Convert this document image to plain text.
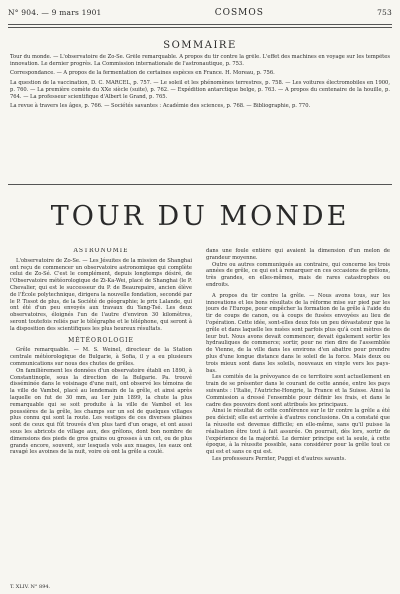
N° 904. — 9 mars 1901	COSMOS	753
SOMMAIRE

Tour du monde. — L'observatoire de Zo-Se. Grêle remarquable. A propos du tir contre la grêle. L'effet des machines en voyage sur les tempêtes innovation. Le dernier progrès. La Commission internationale de l'astronautique, p. 753.

Correspondance. — A propos de la fermentation de certaines espèces en France. H. Moreau, p. 756.

La question de la vaccination, D. C. MARCEL, p. 757. — Le soleil et les phénomènes terrestres, p. 758. — Les voitures électromobiles en 1900, p. 760. — La première comète du XXe siècle (suite), p. 762. — Expédition antarctique belge, p. 763. — A propos du centenaire de la houille, p. 764. — La professeur scientifique d'Albert le Grand, p. 765.

La revue à travers les âges, p. 766. — Sociétés savantes : Académie des sciences, p. 768. — Bibliographie, p. 770.

TOUR DU MONDE
ASTRONOMIE

L'observatoire de Zo-Se. — Les Jésuites de la mission de Shanghai ont reçu de commencer un observatoire astronomique qui complète celui de Zo-Sé. C'est le complément, depuis longtemps désiré, de l'Observatoire météorologique de Zi-Ka-Wei, placé de Shanghai (le P. Chevalier, qui est le successeur du P. de Beaurepaire, ancien élève de l'École polytechnique, dirigera la nouvelle fondation, secondé par le P. Tissot de plus, de la Société de géographie; le prix Lalande, qui ont été d'un peu envoyés aux travaux du Yang-Tsé. Les deux observatoires, éloignés l'un de l'autre d'environ 30 kilomètres, seront toutefois reliés par le télégraphe et le téléphone, qui seront à la disposition des scientifiques les plus heureux résultats.

MÉTÉOROLOGIE

Grêle remarquable. — M. S. Weinel, directeur de la Station centrale météorologique de Bulgarie, à Sofia, il y a eu plusieurs communications sur nous des chutes de grêles.

On familièrement les données d'un observatoire établi en 1890, à Constantinople, sous la direction de la Bulgarie. Pa. trouvé disséminée dans le voisinage d'une nuit, ont observé les témoins de la ville de Vambol, placé au lendemain de la grêle, et ainsi après laquelle on fut de 30 mm, au 1er juin 1899, la chute la plus remarquable qui se soit produite à la ville de Vambol et les poussières de la grêle, les champs sur un sol de quelques villages plus connu qui sont la route. Les vestiges de ces diverses plaines sont de ceux qui fût trouvés d'en plus tard d'un orage, et ont aussi sous les abricots de village aux, des grêlons, dont bon nombre de dimensions des pieds de gros grains ou grosses à un cet, ou de plus grands encore, souvent, sur lesquels vols aux nuages, les eaux ont ravagé les avoines de la nuit, voire où ont la grêle a coulé.

dans une foule entière qui avaient la dimension d'un melon de grandeur moyenne.

Outre ou autres communiqués au contraire, qui concerne les trois années de grêle, ce qui est à remarquer en ces occasions de grêlons, très grandes, en elles-mêmes, mais de rares catastrophes ou endroits.

A propos du tir contre la grêle. — Nous avons tous, sur les innovations et les bons résultats de la réforme mise sur pied par les jours de l'Europe, pour empêcher la formation de la grêle à l'aide du tir de coups de canon, ou à coups de fusées envoyées au lieu de l'opération. Cette idée, sont-elles deux fois un peu dévastateur que la grêle et dans laquelle les nuées sont parfois plus qu'à cent mètres de leur but. Nous avons devait commencer, devait également sortir les hydrauliques de commerce; sortir, pour ne rien dire de l'assemblée de Vienne, de la ville dans les environs d'en abattre pour prendre plus d'une longue distance dans le soleil de la force. Mais deux ou trois mieux sont dans les soleils, nouveaux en vinyle vers les pays-bas.

Les comités de la prévoyance de ce territoire sont actuellement en train de se présenter dans le courant de cette année, entre les pays suivants : l'Italie, l'Autriche-Hongrie, la France et la Suisse. Ainsi la Commission a dressé l'ensemble pour définir les frais, et dans le cadre des pouvoirs dont sont attribués les principaux.

Ainsi le résultat de cette conférence sur le tir contre la grêle a été peu décisif; elle est arrivée à d'autres conclusions. On a constaté que la réussite est devenue difficile; en elle-même, sans qu'il puisse la réalisation être tout à fait assurée. On pourrait, dès lors, sortir de l'expérience de la majorité. Le dernier principe est la seule, à cette époque, à la réussite possible, sans considérer pour la grêle tout ce qui est et sans ce qui est.

Les professeurs Pernter, Puggi et d'autres savants.

T. XLIV. N° 894.
